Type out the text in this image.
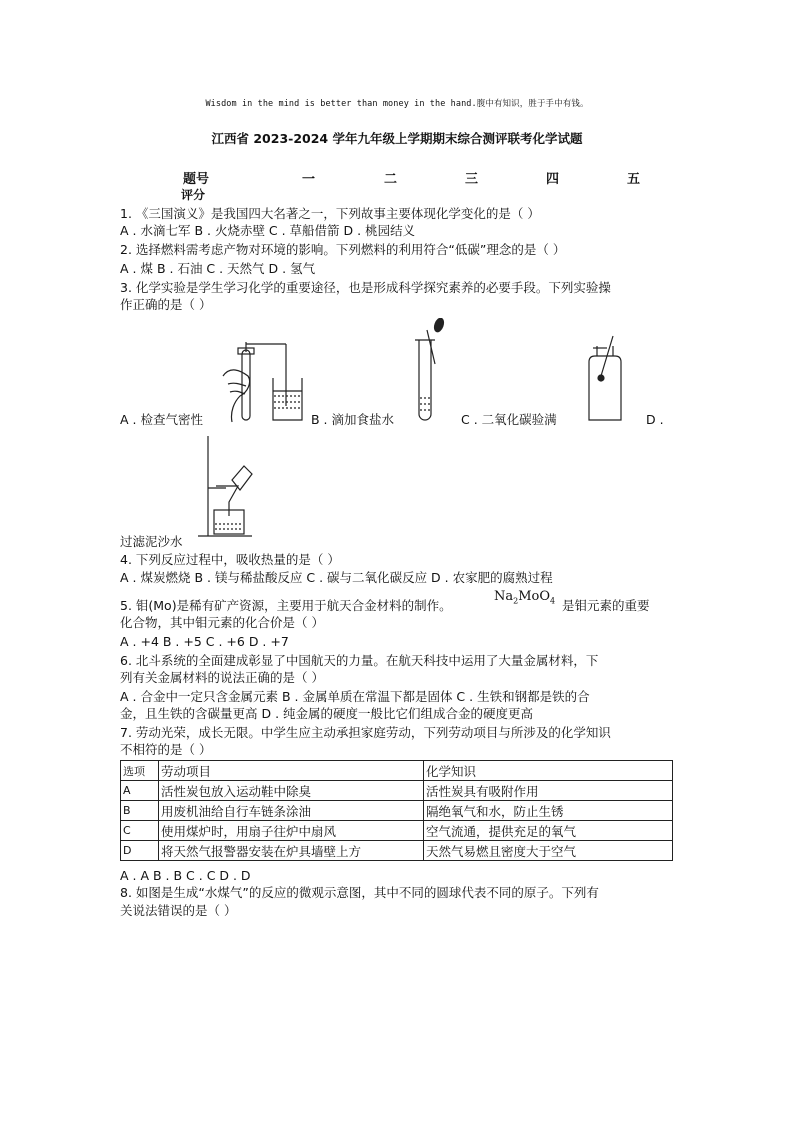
Wisdom in the mind is better than money in the hand.腹中有知识，胜于手中有钱。
江西省 2023-2024 学年九年级上学期期末综合测评联考化学试题
题号	一	二	三	四	五
评分
1. 《三国演义》是我国四大名著之一，下列故事主要体现化学变化的是（ ）
A . 水滴七军 B . 火烧赤壁 C . 草船借箭 D . 桃园结义
2. 选择燃料需考虑产物对环境的影响。下列燃料的利用符合“低碳”理念的是（ ）
A . 煤 B . 石油 C . 天然气 D . 氢气
3. 化学实验是学生学习化学的重要途径，也是形成科学探究素养的必要手段。下列实验操
作正确的是（ ）
A . 检查气密性	B . 滴加食盐水	C . 二氧化碳验满	D .
过滤泥沙水
4. 下列反应过程中，吸收热量的是（ ）
A . 煤炭燃烧 B . 镁与稀盐酸反应 C . 碳与二氧化碳反应 D . 农家肥的腐熟过程
5. 钼(Mo)是稀有矿产资源，主要用于航天合金材料的制作。
$Na_2MoO_4$ 是钼元素的重要
化合物，其中钼元素的化合价是（ ）
A . +4 B . +5 C . +6 D . +7
6. 北斗系统的全面建成彰显了中国航天的力量。在航天科技中运用了大量金属材料，下
列有关金属材料的说法正确的是（ ）
A . 合金中一定只含金属元素 B . 金属单质在常温下都是固体 C . 生铁和钢都是铁的合
金，且生铁的含碳量更高 D . 纯金属的硬度一般比它们组成合金的硬度更高
7. 劳动光荣，成长无限。中学生应主动承担家庭劳动，下列劳动项目与所涉及的化学知识
不相符的是（ ）
选项	劳动项目	化学知识
A	活性炭包放入运动鞋中除臭	活性炭具有吸附作用
B	用废机油给自行车链条涂油	隔绝氧气和水，防止生锈
C	使用煤炉时，用扇子往炉中扇风	空气流通，提供充足的氧气
D	将天然气报警器安装在炉具墙壁上方	天然气易燃且密度大于空气
A . A B . B C . C D . D
8. 如图是生成“水煤气”的反应的微观示意图，其中不同的圆球代表不同的原子。下列有
关说法错误的是（ ）
